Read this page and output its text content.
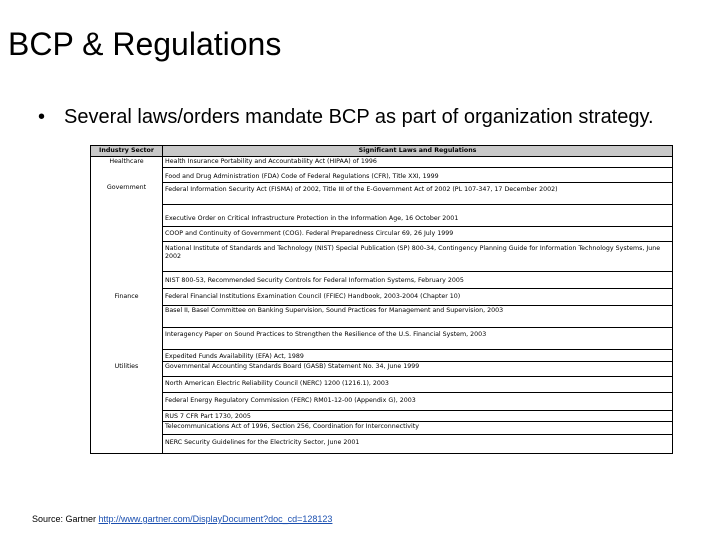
BCP & Regulations
• Several laws/orders mandate BCP as part of organization strategy.
Industry Sector	Significant Laws and Regulations
Healthcare	Health Insurance Portability and Accountability Act (HIPAA) of 1996
	Food and Drug Administration (FDA) Code of Federal Regulations (CFR), Title XXI, 1999
Government	Federal Information Security Act (FISMA) of 2002, Title III of the E-Government Act of 2002 (PL 107-347, 17 December 2002)
	Executive Order on Critical Infrastructure Protection in the Information Age, 16 October 2001
	COOP and Continuity of Government (COG). Federal Preparedness Circular 69, 26 July 1999
	National Institute of Standards and Technology (NIST) Special Publication (SP) 800-34, Contingency Planning Guide for Information Technology Systems, June 2002
	NIST 800-53, Recommended Security Controls for Federal Information Systems, February 2005
Finance	Federal Financial Institutions Examination Council (FFIEC) Handbook, 2003-2004 (Chapter 10)
	Basel II, Basel Committee on Banking Supervision, Sound Practices for Management and Supervision, 2003
	Interagency Paper on Sound Practices to Strengthen the Resilience of the U.S. Financial System, 2003
	Expedited Funds Availability (EFA) Act, 1989
Utilities	Governmental Accounting Standards Board (GASB) Statement No. 34, June 1999
	North American Electric Reliability Council (NERC) 1200 (1216.1), 2003
	Federal Energy Regulatory Commission (FERC) RM01-12-00 (Appendix G), 2003
	RUS 7 CFR Part 1730, 2005
	Telecommunications Act of 1996, Section 256, Coordination for Interconnectivity
	NERC Security Guidelines for the Electricity Sector, June 2001
Source: Gartner http://www.gartner.com/DisplayDocument?doc_cd=128123
